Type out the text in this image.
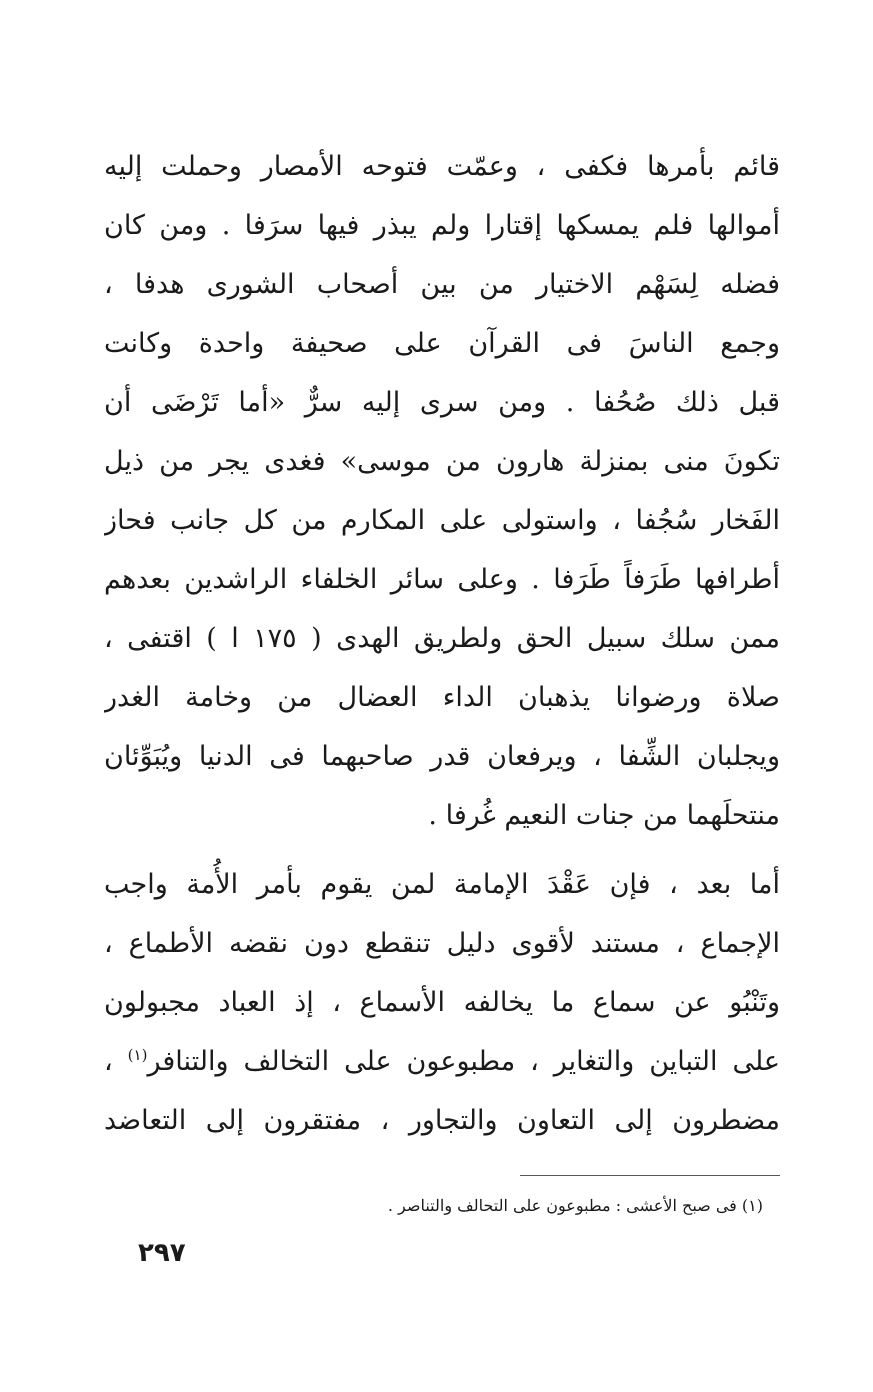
قائم بأمرها فكفى ، وعمّت فتوحه الأمصار وحملت إليه
أموالها فلم يمسكها إقتارا ولم يبذر فيها سرَفا . ومن كان
فضله لِسَهْم الاختيار من بين أصحاب الشورى هدفا ،
وجمع الناسَ فى القرآن على صحيفة واحدة وكانت
قبل ذلك صُحُفا . ومن سرى إليه سرٌّ «أما تَرْضَى أن
تكونَ منى بمنزلة هارون من موسى» فغدى يجر من ذيل
الفَخار سُجُفا ، واستولى على المكارم من كل جانب فحاز
أطرافها طَرَفاً طَرَفا . وعلى سائر الخلفاء الراشدين بعدهم
ممن سلك سبيل الحق ولطريق الهدى ( ١٧٥ ا ) اقتفى ،
صلاة ورضوانا يذهبان الداء العضال من وخامة الغدر
ويجلبان الشِّفا ، ويرفعان قدر صاحبهما فى الدنيا ويُبَوِّئان
منتحلَهما من جنات النعيم غُرفا .
أما بعد ، فإن عَقْدَ الإمامة لمن يقوم بأمر الأُمة واجب
الإجماع ، مستند لأقوى دليل تنقطع دون نقضه الأطماع ،
وتَنْبُو عن سماع ما يخالفه الأسماع ، إذ العباد مجبولون
على التباين والتغاير ، مطبوعون على التخالف والتنافر$^{(١)}$ ،
مضطرون إلى التعاون والتجاور ، مفتقرون إلى التعاضد
(١) فى صبح الأعشى : مطبوعون على التحالف والتناصر .
٢٩٧
